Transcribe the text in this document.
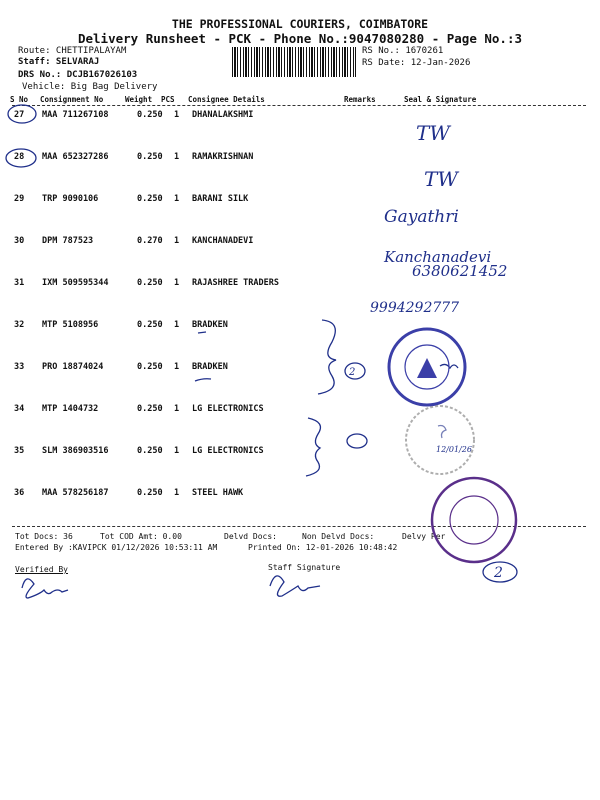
THE PROFESSIONAL COURIERS, COIMBATORE
Delivery Runsheet - PCK - Phone No.:9047080280 - Page No.:3
Route: CHETTIPALAYAM
Staff: SELVARAJ
DRS No.: DCJB167026103
Vehicle: Big Bag Delivery
RS No.: 1670261
RS Date: 12-Jan-2026
S No Consignment No	Weight PCS Consignee Details	Remarks	Seal & Signature
27 MAA 711267108	0.250 1 DHANALAKSHMI
28 MAA 652327286	0.250 1 RAMAKRISHNAN
29 TRP 9090106	0.250 1 BARANI SILK
30 DPM 787523	0.270 1 KANCHANADEVI
31 IXM 509595344	0.250 1 RAJASHREE TRADERS
32 MTP 5108956	0.250 1 BRADKEN
33 PRO 18874024	0.250 1 BRADKEN
34 MTP 1404732	0.250 1 LG ELECTRONICS
35 SLM 386903516	0.250 1 LG ELECTRONICS
36 MAA 578256187	0.250 1 STEEL HAWK
Tot Docs: 36	Tot COD Amt: 0.00	Delvd Docs:	Non Delvd Docs:	Delvy Per
Entered By :KAVIPCK 01/12/2026 10:53:11 AM	Printed On: 12-01-2026 10:48:42
Verified By	Staff Signature
TW
TW
Gayathri
Kanchanadevi
6380621452
9994292777
12/01/26
2
2
